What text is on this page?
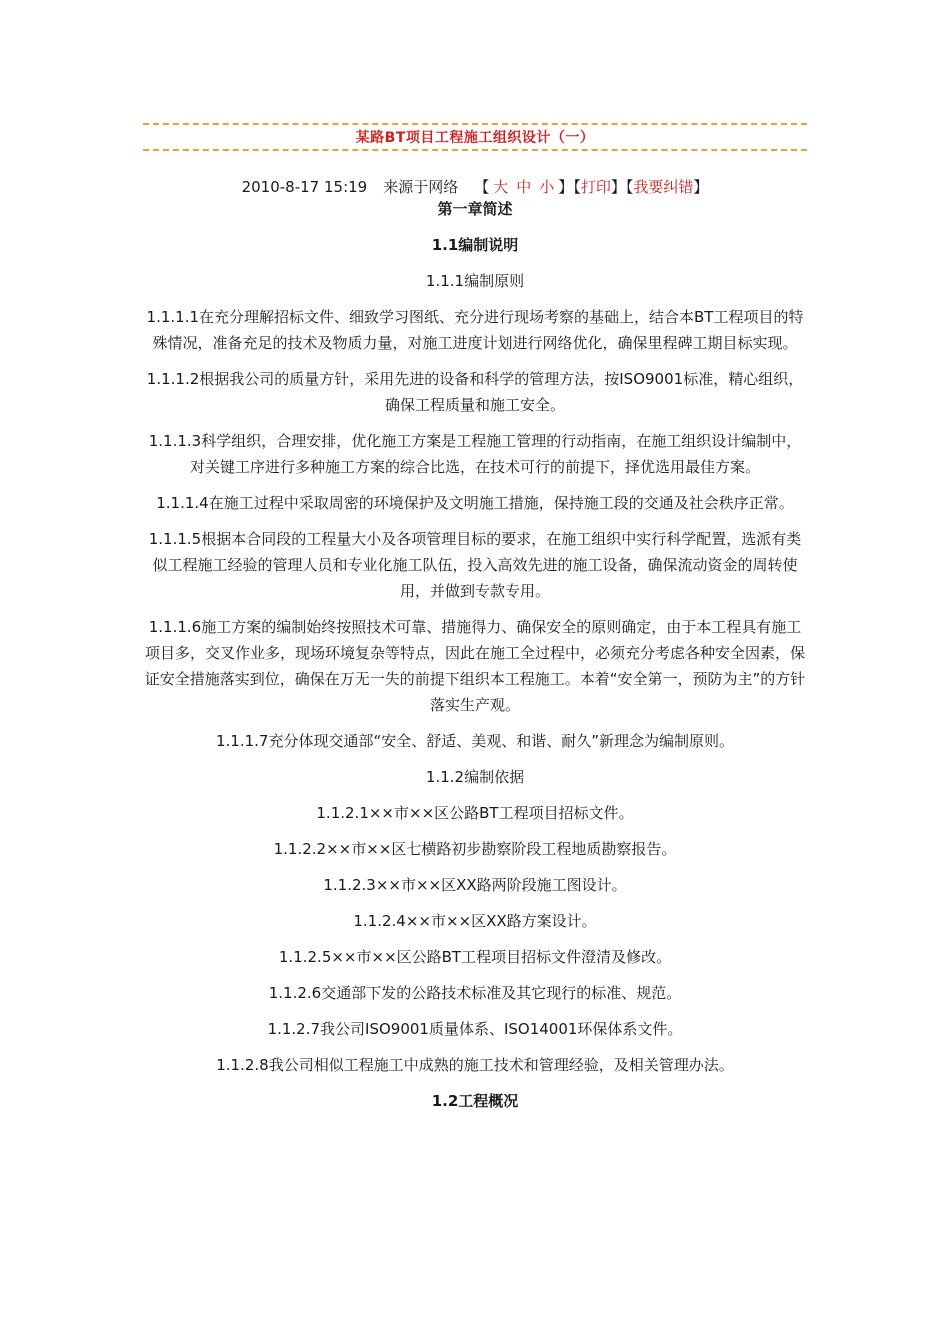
某路BT项目工程施工组织设计（一）
2010-8-17 15:19 来源于网络 【 大 中 小 】【打印】【我要纠错】

第一章简述

1.1编制说明

1.1.1编制原则

1.1.1.1在充分理解招标文件、细致学习图纸、充分进行现场考察的基础上，结合本BT工程项目的特殊情况，准备充足的技术及物质力量，对施工进度计划进行网络优化，确保里程碑工期目标实现。

1.1.1.2根据我公司的质量方针，采用先进的设备和科学的管理方法，按ISO9001标准，精心组织，确保工程质量和施工安全。

1.1.1.3科学组织，合理安排，优化施工方案是工程施工管理的行动指南，在施工组织设计编制中，对关键工序进行多种施工方案的综合比选，在技术可行的前提下，择优选用最佳方案。

1.1.1.4在施工过程中采取周密的环境保护及文明施工措施，保持施工段的交通及社会秩序正常。

1.1.1.5根据本合同段的工程量大小及各项管理目标的要求，在施工组织中实行科学配置，选派有类似工程施工经验的管理人员和专业化施工队伍，投入高效先进的施工设备，确保流动资金的周转使用，并做到专款专用。

1.1.1.6施工方案的编制始终按照技术可靠、措施得力、确保安全的原则确定，由于本工程具有施工项目多，交叉作业多，现场环境复杂等特点，因此在施工全过程中，必须充分考虑各种安全因素，保证安全措施落实到位，确保在万无一失的前提下组织本工程施工。本着“安全第一，预防为主”的方针落实生产观。

1.1.1.7充分体现交通部“安全、舒适、美观、和谐、耐久”新理念为编制原则。

1.1.2编制依据

1.1.2.1××市××区公路BT工程项目招标文件。

1.1.2.2××市××区七横路初步勘察阶段工程地质勘察报告。

1.1.2.3××市××区XX路两阶段施工图设计。

1.1.2.4××市××区XX路方案设计。

1.1.2.5××市××区公路BT工程项目招标文件澄清及修改。

1.1.2.6交通部下发的公路技术标准及其它现行的标准、规范。

1.1.2.7我公司ISO9001质量体系、ISO14001环保体系文件。

1.1.2.8我公司相似工程施工中成熟的施工技术和管理经验，及相关管理办法。

1.2工程概况
